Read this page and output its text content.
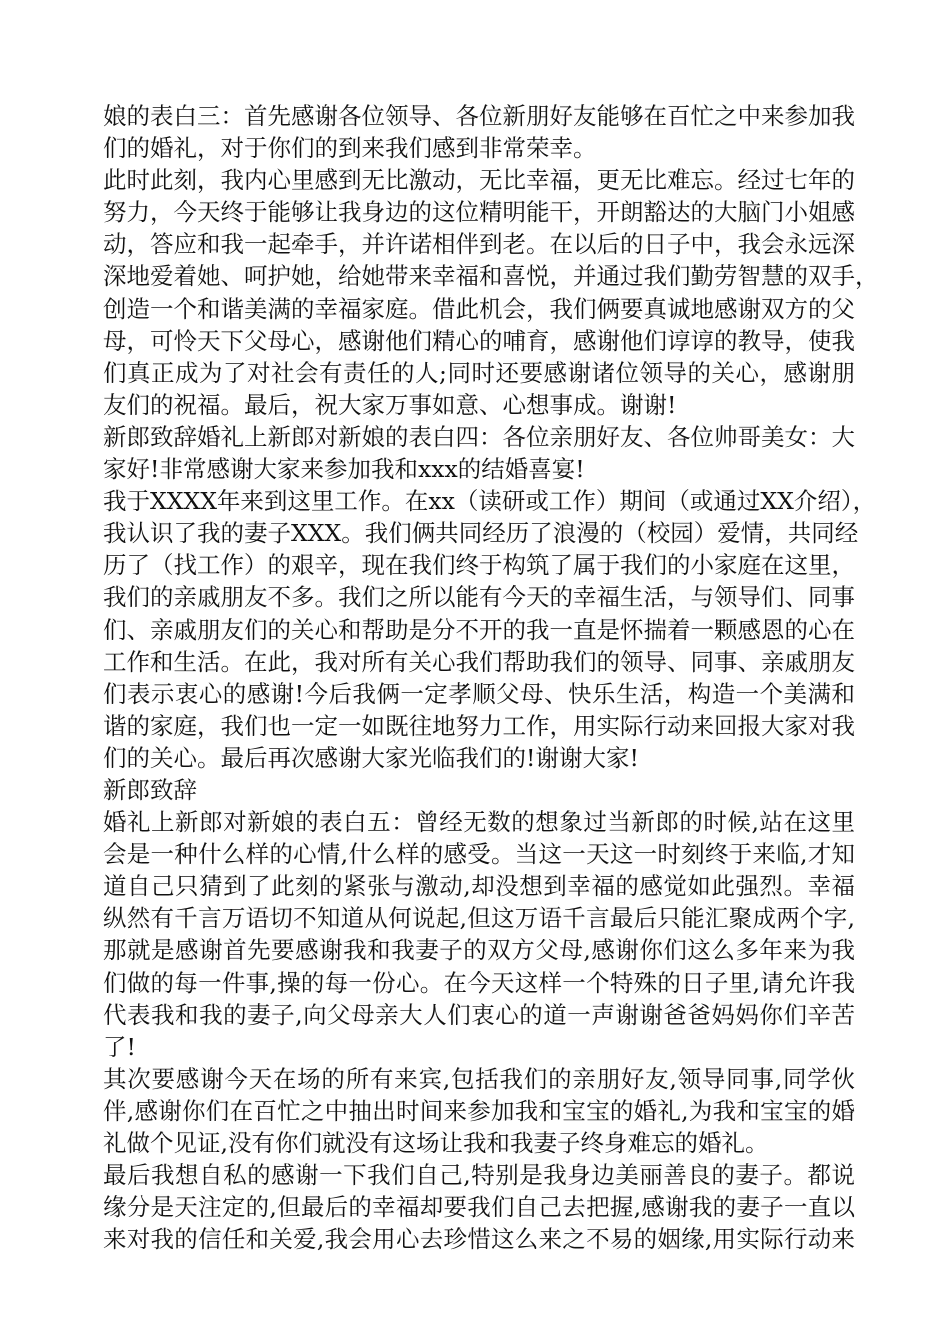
娘的表白三：首先感谢各位领导、各位新朋好友能够在百忙之中来参加我
们的婚礼，对于你们的到来我们感到非常荣幸。
此时此刻，我内心里感到无比激动，无比幸福，更无比难忘。经过七年的
努力，今天终于能够让我身边的这位精明能干，开朗豁达的大脑门小姐感
动，答应和我一起牵手，并许诺相伴到老。在以后的日子中，我会永远深
深地爱着她、呵护她，给她带来幸福和喜悦，并通过我们勤劳智慧的双手，
创造一个和谐美满的幸福家庭。借此机会，我们俩要真诚地感谢双方的父
母，可怜天下父母心，感谢他们精心的哺育，感谢他们谆谆的教导，使我
们真正成为了对社会有责任的人;同时还要感谢诸位领导的关心，感谢朋
友们的祝福。最后，祝大家万事如意、心想事成。谢谢!
新郎致辞婚礼上新郎对新娘的表白四：各位亲朋好友、各位帅哥美女：大
家好!非常感谢大家来参加我和xxx的结婚喜宴!
我于XXXX年来到这里工作。在xx（读研或工作）期间（或通过XX介绍），
我认识了我的妻子XXX。我们俩共同经历了浪漫的（校园）爱情，共同经
历了（找工作）的艰辛，现在我们终于构筑了属于我们的小家庭在这里，
我们的亲戚朋友不多。我们之所以能有今天的幸福生活，与领导们、同事
们、亲戚朋友们的关心和帮助是分不开的我一直是怀揣着一颗感恩的心在
工作和生活。在此，我对所有关心我们帮助我们的领导、同事、亲戚朋友
们表示衷心的感谢!今后我俩一定孝顺父母、快乐生活，构造一个美满和
谐的家庭，我们也一定一如既往地努力工作，用实际行动来回报大家对我
们的关心。最后再次感谢大家光临我们的!谢谢大家!
新郎致辞
婚礼上新郎对新娘的表白五：曾经无数的想象过当新郎的时候,站在这里
会是一种什么样的心情,什么样的感受。当这一天这一时刻终于来临,才知
道自己只猜到了此刻的紧张与激动,却没想到幸福的感觉如此强烈。幸福
纵然有千言万语切不知道从何说起,但这万语千言最后只能汇聚成两个字,
那就是感谢首先要感谢我和我妻子的双方父母,感谢你们这么多年来为我
们做的每一件事,操的每一份心。在今天这样一个特殊的日子里,请允许我
代表我和我的妻子,向父母亲大人们衷心的道一声谢谢爸爸妈妈你们辛苦
了!
其次要感谢今天在场的所有来宾,包括我们的亲朋好友,领导同事,同学伙
伴,感谢你们在百忙之中抽出时间来参加我和宝宝的婚礼,为我和宝宝的婚
礼做个见证,没有你们就没有这场让我和我妻子终身难忘的婚礼。
最后我想自私的感谢一下我们自己,特别是我身边美丽善良的妻子。都说
缘分是天注定的,但最后的幸福却要我们自己去把握,感谢我的妻子一直以
来对我的信任和关爱,我会用心去珍惜这么来之不易的姻缘,用实际行动来
